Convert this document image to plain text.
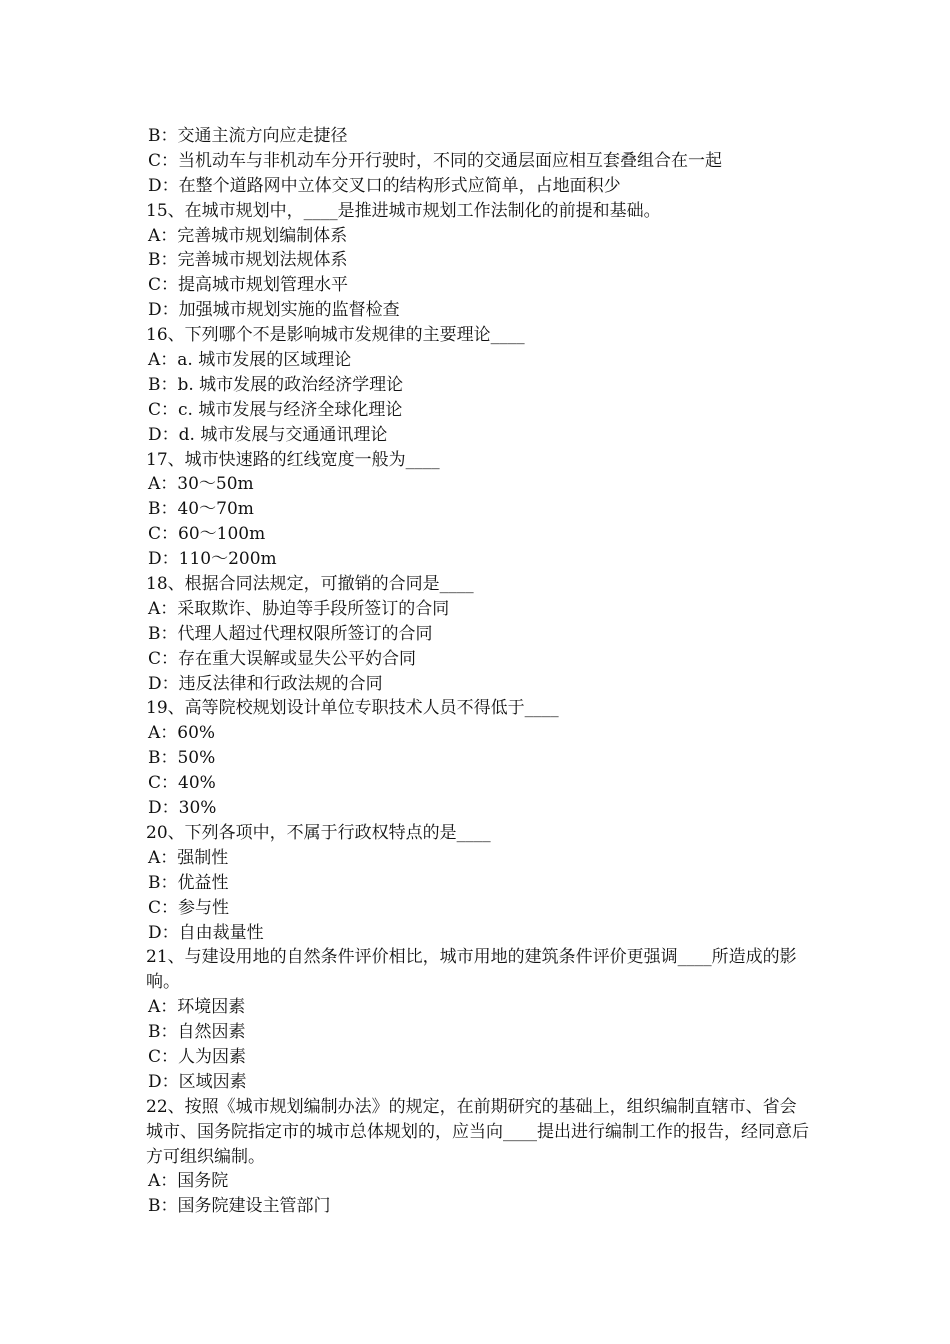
B：交通主流方向应走捷径
C：当机动车与非机动车分开行驶时，不同的交通层面应相互套叠组合在一起
D：在整个道路网中立体交叉口的结构形式应简单，占地面积少
15、在城市规划中，____是推进城市规划工作法制化的前提和基础。
A：完善城市规划编制体系
B：完善城市规划法规体系
C：提高城市规划管理水平
D：加强城市规划实施的监督检查
16、下列哪个不是影响城市发规律的主要理论____
A：a. 城市发展的区域理论
B：b. 城市发展的政治经济学理论
C：c. 城市发展与经济全球化理论
D：d. 城市发展与交通通讯理论
17、城市快速路的红线宽度一般为____
A：30～50m
B：40～70m
C：60～100m
D：110～200m
18、根据合同法规定，可撤销的合同是____
A：采取欺诈、胁迫等手段所签订的合同
B：代理人超过代理权限所签订的合同
C：存在重大误解或显失公平妁合同
D：违反法律和行政法规的合同
19、高等院校规划设计单位专职技术人员不得低于____
A：60%
B：50%
C：40%
D：30%
20、下列各项中，不属于行政权特点的是____
A：强制性
B：优益性
C：参与性
D：自由裁量性
21、与建设用地的自然条件评价相比，城市用地的建筑条件评价更强调____所造成的影响。
A：环境因素
B：自然因素
C：人为因素
D：区域因素
22、按照《城市规划编制办法》的规定，在前期研究的基础上，组织编制直辖市、省会城市、国务院指定市的城市总体规划的，应当向____提出进行编制工作的报告，经同意后方可组织编制。
A：国务院
B：国务院建设主管部门
